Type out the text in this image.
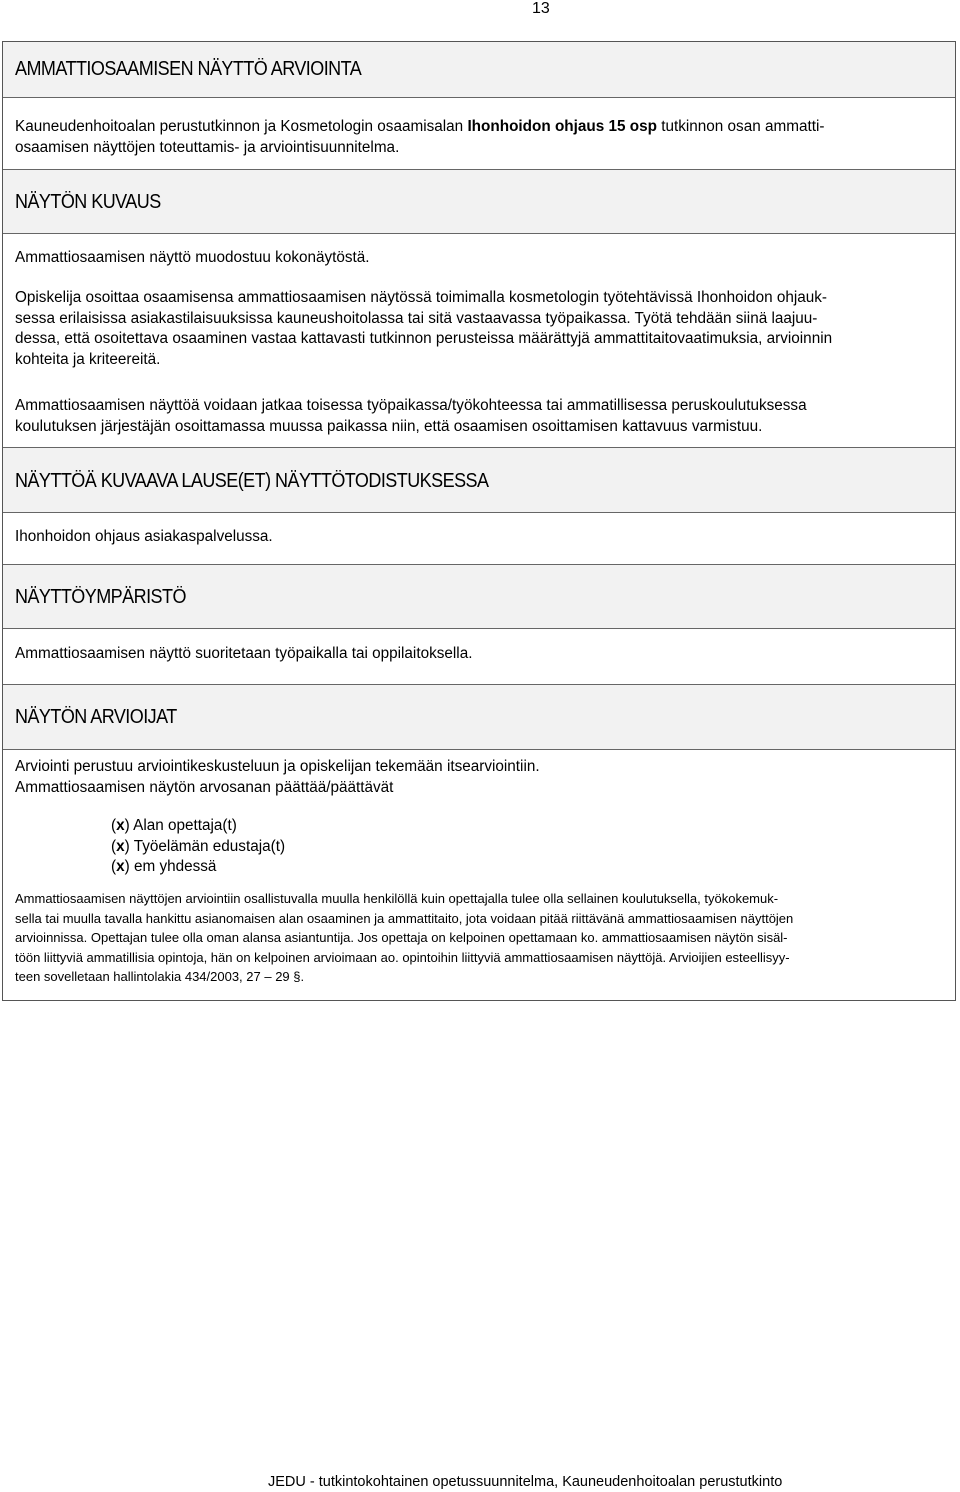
13
AMMATTIOSAAMISEN NÄYTTÖ ARVIOINTA
Kauneudenhoitoalan perustutkinnon ja Kosmetologin osaamisalan Ihonhoidon ohjaus 15 osp tutkinnon osan ammatti-
osaamisen näyttöjen toteuttamis- ja arviointisuunnitelma.
NÄYTÖN KUVAUS
Ammattiosaamisen näyttö muodostuu kokonäytöstä.
Opiskelija osoittaa osaamisensa ammattiosaamisen näytössä toimimalla kosmetologin työtehtävissä Ihonhoidon ohjauk-
sessa erilaisissa asiakastilaisuuksissa kauneushoitolassa tai sitä vastaavassa työpaikassa. Työtä tehdään siinä laajuu-
dessa, että osoitettava osaaminen vastaa kattavasti tutkinnon perusteissa määrättyjä ammattitaitovaatimuksia, arvioinnin
kohteita ja kriteereitä.
Ammattiosaamisen näyttöä voidaan jatkaa toisessa työpaikassa/työkohteessa tai ammatillisessa peruskoulutuksessa
koulutuksen järjestäjän osoittamassa muussa paikassa niin, että osaamisen osoittamisen kattavuus varmistuu.
NÄYTTÖÄ KUVAAVA LAUSE(ET) NÄYTTÖTODISTUKSESSA
Ihonhoidon ohjaus asiakaspalvelussa.
NÄYTTÖYMPÄRISTÖ
Ammattiosaamisen näyttö suoritetaan työpaikalla tai oppilaitoksella.
NÄYTÖN ARVIOIJAT
Arviointi perustuu arviointikeskusteluun ja opiskelijan tekemään itsearviointiin.
Ammattiosaamisen näytön arvosanan päättää/päättävät
(x) Alan opettaja(t)
(x) Työelämän edustaja(t)
(x) em yhdessä
Ammattiosaamisen näyttöjen arviointiin osallistuvalla muulla henkilöllä kuin opettajalla tulee olla sellainen koulutuksella, työkokemuk-
sella tai muulla tavalla hankittu asianomaisen alan osaaminen ja ammattitaito, jota voidaan pitää riittävänä ammattiosaamisen näyttöjen
arvioinnissa. Opettajan tulee olla oman alansa asiantuntija. Jos opettaja on kelpoinen opettamaan ko. ammattiosaamisen näytön sisäl-
töön liittyviä ammatillisia opintoja, hän on kelpoinen arvioimaan ao. opintoihin liittyviä ammattiosaamisen näyttöjä. Arvioijien esteellisyy-
teen sovelletaan hallintolakia 434/2003, 27 – 29 §.
JEDU - tutkintokohtainen opetussuunnitelma, Kauneudenhoitoalan perustutkinto
